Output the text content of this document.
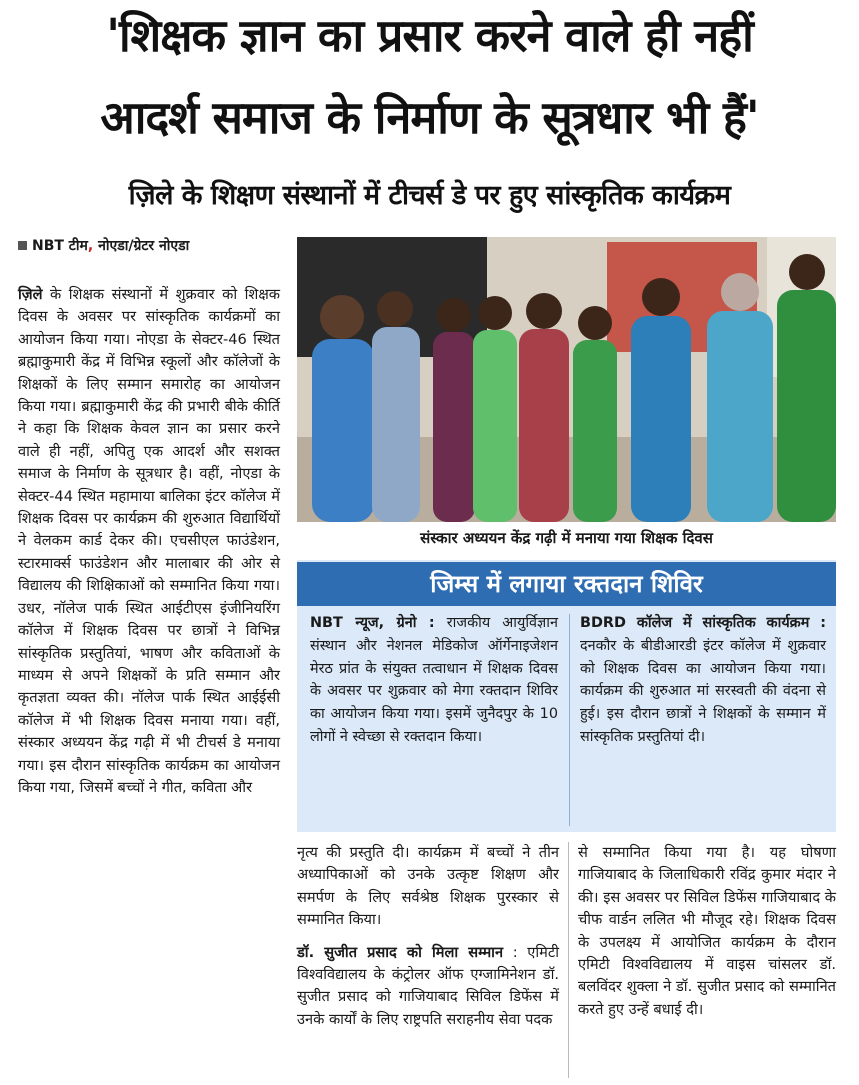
'शिक्षक ज्ञान का प्रसार करने वाले ही नहीं
आदर्श समाज के निर्माण के सूत्रधार भी हैं'
ज़िले के शिक्षण संस्थानों में टीचर्स डे पर हुए सांस्कृतिक कार्यक्रम
NBT टीम, नोएडा/ग्रेटर नोएडा

ज़िले के शिक्षक संस्थानों में शुक्रवार को शिक्षक दिवस के अवसर पर सांस्कृतिक कार्यक्रमों का आयोजन किया गया। नोएडा के सेक्टर-46 स्थित ब्रह्माकुमारी केंद्र में विभिन्न स्कूलों और कॉलेजों के शिक्षकों के लिए सम्मान समारोह का आयोजन किया गया। ब्रह्माकुमारी केंद्र की प्रभारी बीके कीर्ति ने कहा कि शिक्षक केवल ज्ञान का प्रसार करने वाले ही नहीं, अपितु एक आदर्श और सशक्त समाज के निर्माण के सूत्रधार है। वहीं, नोएडा के सेक्टर-44 स्थित महामाया बालिका इंटर कॉलेज में शिक्षक दिवस पर कार्यक्रम की शुरुआत विद्यार्थियों ने वेलकम कार्ड देकर की। एचसीएल फाउंडेशन, स्टारमार्क्स फाउंडेशन और मालाबार की ओर से विद्यालय की शिक्षिकाओं को सम्मानित किया गया। उधर, नॉलेज पार्क स्थित आईटीएस इंजीनियरिंग कॉलेज में शिक्षक दिवस पर छात्रों ने विभिन्न सांस्कृतिक प्रस्तुतियां, भाषण और कविताओं के माध्यम से अपने शिक्षकों के प्रति सम्मान और कृतज्ञता व्यक्त की। नॉलेज पार्क स्थित आईईसी कॉलेज में भी शिक्षक दिवस मनाया गया। वहीं, संस्कार अध्ययन केंद्र गढ़ी में भी टीचर्स डे मनाया गया। इस दौरान सांस्कृतिक कार्यक्रम का आयोजन किया गया, जिसमें बच्चों ने गीत, कविता और

संस्कार अध्ययन केंद्र गढ़ी में मनाया गया शिक्षक दिवस
जिम्स में लगाया रक्तदान शिविर

NBT न्यूज, ग्रेनो : राजकीय आयुर्विज्ञान संस्थान और नेशनल मेडिकोज ऑर्गेनाइजेशन मेरठ प्रांत के संयुक्त तत्वाधान में शिक्षक दिवस के अवसर पर शुक्रवार को मेगा रक्तदान शिविर का आयोजन किया गया। इसमें जुनैदपुर के 10 लोगों ने स्वेच्छा से रक्तदान किया।

BDRD कॉलेज में सांस्कृतिक कार्यक्रम : दनकौर के बीडीआरडी इंटर कॉलेज में शुक्रवार को शिक्षक दिवस का आयोजन किया गया। कार्यक्रम की शुरुआत मां सरस्वती की वंदना से हुई। इस दौरान छात्रों ने शिक्षकों के सम्मान में सांस्कृतिक प्रस्तुतियां दी।

नृत्य की प्रस्तुति दी। कार्यक्रम में बच्चों ने तीन अध्यापिकाओं को उनके उत्कृष्ट शिक्षण और समर्पण के लिए सर्वश्रेष्ठ शिक्षक पुरस्कार से सम्मानित किया।

डॉ. सुजीत प्रसाद को मिला सम्मान : एमिटी विश्वविद्यालय के कंट्रोलर ऑफ एग्जामिनेशन डॉ. सुजीत प्रसाद को गाजियाबाद सिविल डिफेंस में उनके कार्यों के लिए राष्ट्रपति सराहनीय सेवा पदक

से सम्मानित किया गया है। यह घोषणा गाजियाबाद के जिलाधिकारी रविंद्र कुमार मंदार ने की। इस अवसर पर सिविल डिफेंस गाजियाबाद के चीफ वार्डन ललित भी मौजूद रहे। शिक्षक दिवस के उपलक्ष्य में आयोजित कार्यक्रम के दौरान एमिटी विश्वविद्यालय में वाइस चांसलर डॉ. बलविंदर शुक्ला ने डॉ. सुजीत प्रसाद को सम्मानित करते हुए उन्हें बधाई दी।
